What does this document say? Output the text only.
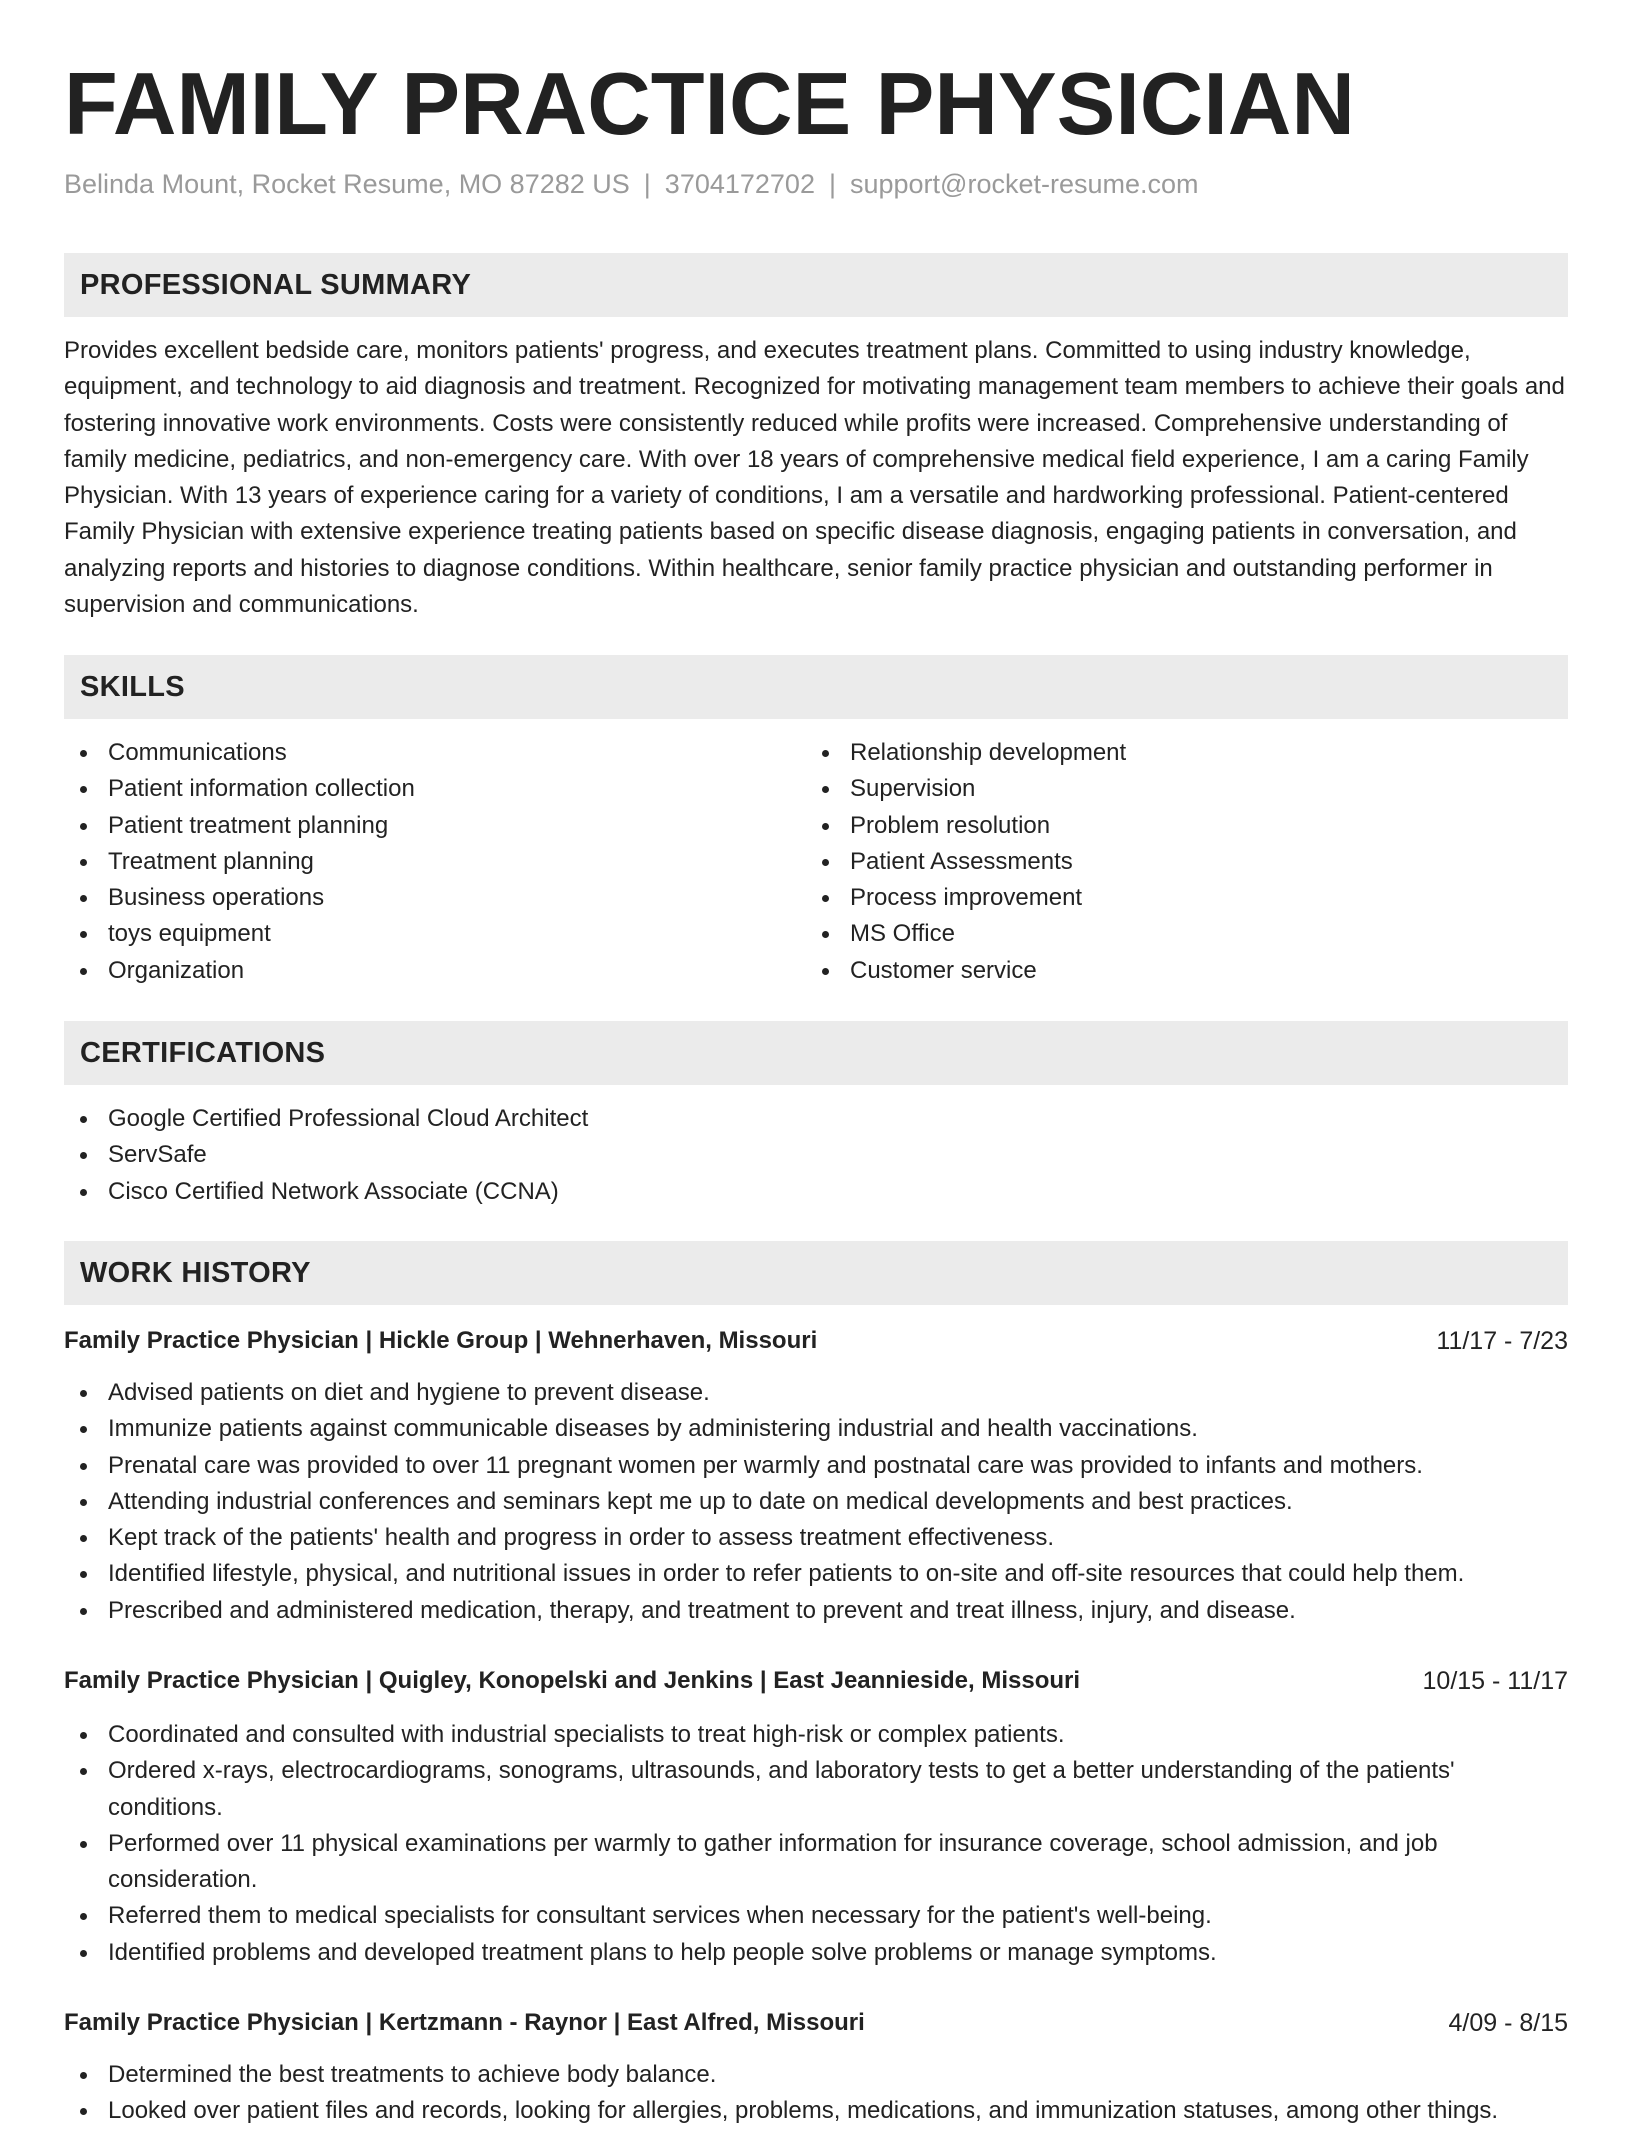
FAMILY PRACTICE PHYSICIAN
Belinda Mount, Rocket Resume, MO 87282 US | 3704172702 | support@rocket-resume.com
PROFESSIONAL SUMMARY

Provides excellent bedside care, monitors patients' progress, and executes treatment plans. Committed to using industry knowledge, equipment, and technology to aid diagnosis and treatment. Recognized for motivating management team members to achieve their goals and fostering innovative work environments. Costs were consistently reduced while profits were increased. Comprehensive understanding of family medicine, pediatrics, and non-emergency care. With over 18 years of comprehensive medical field experience, I am a caring Family Physician. With 13 years of experience caring for a variety of conditions, I am a versatile and hardworking professional. Patient-centered Family Physician with extensive experience treating patients based on specific disease diagnosis, engaging patients in conversation, and analyzing reports and histories to diagnose conditions. Within healthcare, senior family practice physician and outstanding performer in supervision and communications.

SKILLS
Communications
Patient information collection
Patient treatment planning
Treatment planning
Business operations
toys equipment
Organization
Relationship development
Supervision
Problem resolution
Patient Assessments
Process improvement
MS Office
Customer service
CERTIFICATIONS
Google Certified Professional Cloud Architect
ServSafe
Cisco Certified Network Associate (CCNA)
WORK HISTORY
Family Practice Physician | Hickle Group | Wehnerhaven, Missouri	11/17 - 7/23
Advised patients on diet and hygiene to prevent disease.
Immunize patients against communicable diseases by administering industrial and health vaccinations.
Prenatal care was provided to over 11 pregnant women per warmly and postnatal care was provided to infants and mothers.
Attending industrial conferences and seminars kept me up to date on medical developments and best practices.
Kept track of the patients' health and progress in order to assess treatment effectiveness.
Identified lifestyle, physical, and nutritional issues in order to refer patients to on-site and off-site resources that could help them.
Prescribed and administered medication, therapy, and treatment to prevent and treat illness, injury, and disease.
Family Practice Physician | Quigley, Konopelski and Jenkins | East Jeannieside, Missouri	10/15 - 11/17
Coordinated and consulted with industrial specialists to treat high-risk or complex patients.
Ordered x-rays, electrocardiograms, sonograms, ultrasounds, and laboratory tests to get a better understanding of the patients' conditions.
Performed over 11 physical examinations per warmly to gather information for insurance coverage, school admission, and job consideration.
Referred them to medical specialists for consultant services when necessary for the patient's well-being.
Identified problems and developed treatment plans to help people solve problems or manage symptoms.
Family Practice Physician | Kertzmann - Raynor | East Alfred, Missouri	4/09 - 8/15
Determined the best treatments to achieve body balance.
Looked over patient files and records, looking for allergies, problems, medications, and immunization statuses, among other things.
